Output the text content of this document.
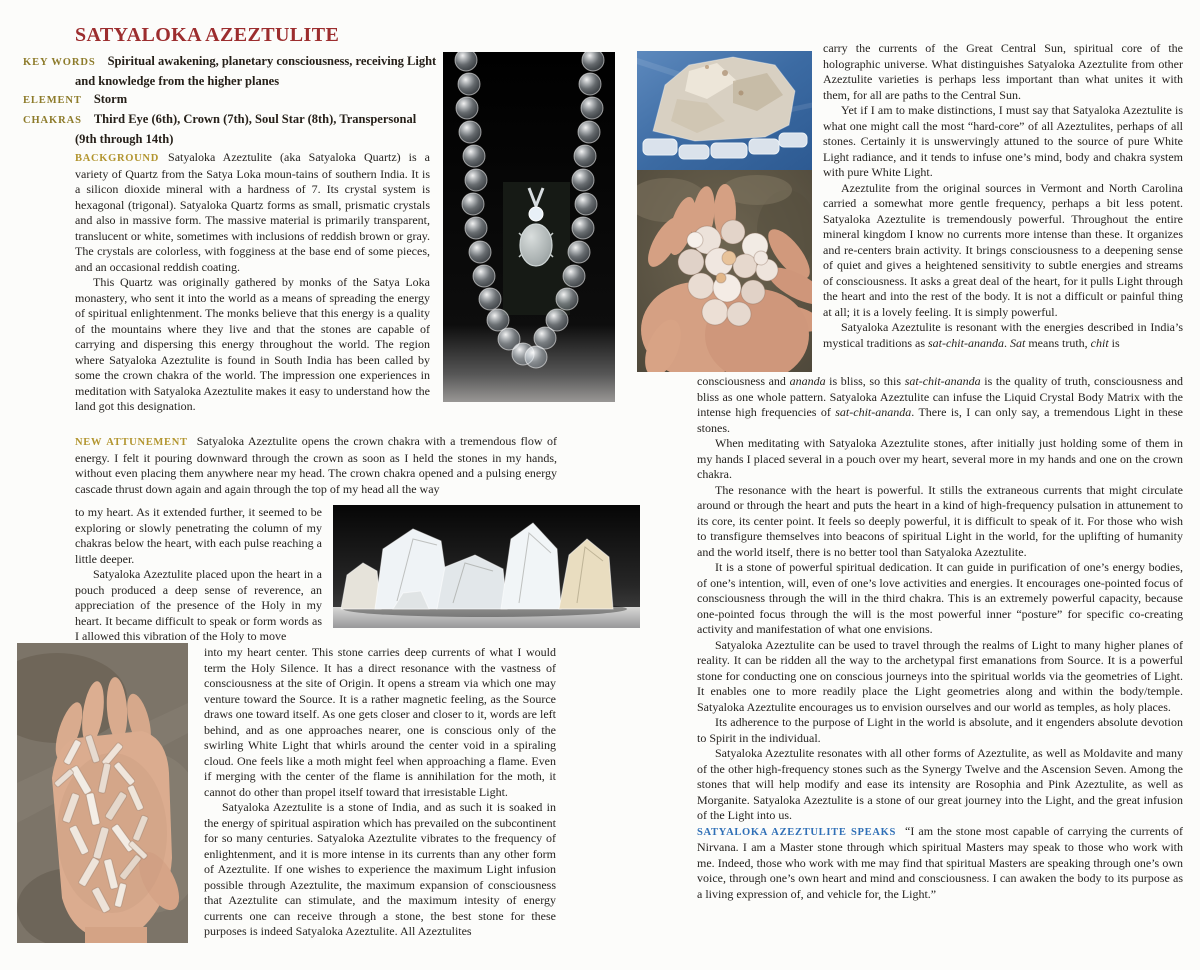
SATYALOKA AZEZTULITE

KEY WORDS Spiritual awakening, planetary consciousness, receiving Light and knowledge from the higher planes

ELEMENT Storm

CHAKRAS Third Eye (6th), Crown (7th), Soul Star (8th), Transpersonal (9th through 14th)

BACKGROUND Satyaloka Azeztulite (aka Satyaloka Quartz) is a variety of Quartz from the Satya Loka moun-tains of southern India. It is a silicon dioxide mineral with a hardness of 7. Its crystal system is hexagonal (trigonal). Satyaloka Quartz forms as small, prismatic crystals and also in massive form. The massive material is primarily transparent, translucent or white, sometimes with inclusions of reddish brown or gray. The crystals are colorless, with fogginess at the base end of some pieces, and an occasional reddish coating.

This Quartz was originally gathered by monks of the Satya Loka monastery, who sent it into the world as a means of spreading the energy of spiritual enlightenment. The monks believe that this energy is a quality of the mountains where they live and that the stones are capable of carrying and dispersing this energy throughout the world. The region where Satyaloka Azeztulite is found in South India has been called by some the crown chakra of the world. The impression one experiences in meditation with Satyaloka Azeztulite makes it easy to understand how the land got this designation.

NEW ATTUNEMENT Satyaloka Azeztulite opens the crown chakra with a tremendous flow of energy. I felt it pouring downward through the crown as soon as I held the stones in my hands, without even placing them anywhere near my head. The crown chakra opened and a pulsing energy cascade thrust down again and again through the top of my head all the way

to my heart. As it extended further, it seemed to be exploring or slowly penetrating the column of my chakras below the heart, with each pulse reaching a little deeper.

Satyaloka Azeztulite placed upon the heart in a pouch produced a deep sense of reverence, an appreciation of the presence of the Holy in my heart. It became difficult to speak or form words as I allowed this vibration of the Holy to move

into my heart center. This stone carries deep currents of what I would term the Holy Silence. It has a direct resonance with the vastness of consciousness at the site of Origin. It opens a stream via which one may venture toward the Source. It is a rather magnetic feeling, as the Source draws one toward itself. As one gets closer and closer to it, words are left behind, and as one approaches nearer, one is conscious only of the swirling White Light that whirls around the center void in a spiraling cloud. One feels like a moth might feel when approaching a flame. Even if merging with the center of the flame is annihilation for the moth, it cannot do other than propel itself toward that irresistable Light.

Satyaloka Azeztulite is a stone of India, and as such it is soaked in the energy of spiritual aspiration which has prevailed on the subcontinent for so many centuries. Satyaloka Azeztulite vibrates to the frequency of enlightenment, and it is more intense in its currents than any other form of Azeztulite. If one wishes to experience the maximum Light infusion possible through Azeztulite, the maximum expansion of consciousness that Azeztulite can stimulate, and the maximum intesity of energy currents one can receive through a stone, the best stone for these purposes is indeed Satyaloka Azeztulite. All Azeztulites

carry the currents of the Great Central Sun, spiritual core of the holographic universe. What distinguishes Satyaloka Azeztulite from other Azeztulite varieties is perhaps less important than what unites it with them, for all are paths to the Central Sun.

Yet if I am to make distinctions, I must say that Satyaloka Azeztulite is what one might call the most “hard-core” of all Azeztulites, perhaps of all stones. Certainly it is unswervingly attuned to the source of pure White Light radiance, and it tends to infuse one’s mind, body and chakra system with pure White Light.

Azeztulite from the original sources in Vermont and North Carolina carried a somewhat more gentle frequency, perhaps a bit less potent. Satyaloka Azeztulite is tremendously powerful. Throughout the entire mineral kingdom I know no currents more intense than these. It organizes and re-centers brain activity. It brings consciousness to a deepening sense of quiet and gives a heightened sensitivity to subtle energies and streams of consciousness. It asks a great deal of the heart, for it pulls Light through the heart and into the rest of the body. It is not a difficult or painful thing at all; it is a lovely feeling. It is simply powerful.

Satyaloka Azeztulite is resonant with the energies described in India’s mystical traditions as sat-chit-ananda. Sat means truth, chit is

consciousness and ananda is bliss, so this sat-chit-ananda is the quality of truth, consciousness and bliss as one whole pattern. Satyaloka Azeztulite can infuse the Liquid Crystal Body Matrix with the intense high frequencies of sat-chit-ananda. There is, I can only say, a tremendous Light in these stones.

When meditating with Satyaloka Azeztulite stones, after initially just holding some of them in my hands I placed several in a pouch over my heart, several more in my hands and one on the crown chakra.

The resonance with the heart is powerful. It stills the extraneous currents that might circulate around or through the heart and puts the heart in a kind of high-frequency pulsation in attunement to its core, its center point. It feels so deeply powerful, it is difficult to speak of it. For those who wish to transfigure themselves into beacons of spiritual Light in the world, for the uplifting of humanity and the world itself, there is no better tool than Satyaloka Azeztulite.

It is a stone of powerful spiritual dedication. It can guide in purification of one’s energy bodies, of one’s intention, will, even of one’s love activities and energies. It encourages one-pointed focus of consciousness through the will in the third chakra. This is an extremely powerful capacity, because one-pointed focus through the will is the most powerful inner “posture” for specific co-creating activity and manifestation of what one envisions.

Satyaloka Azeztulite can be used to travel through the realms of Light to many higher planes of reality. It can be ridden all the way to the archetypal first emanations from Source. It is a powerful stone for conducting one on conscious journeys into the spiritual worlds via the geometries of Light. It enables one to more readily place the Light geometries along and within the body/temple. Satyaloka Azeztulite encourages us to envision ourselves and our world as temples, as holy places.

Its adherence to the purpose of Light in the world is absolute, and it engenders absolute devotion to Spirit in the individual.

Satyaloka Azeztulite resonates with all other forms of Azeztulite, as well as Moldavite and many of the other high-frequency stones such as the Synergy Twelve and the Ascension Seven. Among the stones that will help modify and ease its intensity are Rosophia and Pink Azeztulite, as well as Morganite. Satyaloka Azeztulite is a stone of our great journey into the Light, and the great infusion of the Light into us.

SATYALOKA AZEZTULITE SPEAKS “I am the stone most capable of carrying the currents of Nirvana. I am a Master stone through which spiritual Masters may speak to those who work with me. Indeed, those who work with me may find that spiritual Masters are speaking through one’s own voice, through one’s own heart and mind and consciousness. I can awaken the body to its purpose as a living expression of, and vehicle for, the Light.”
